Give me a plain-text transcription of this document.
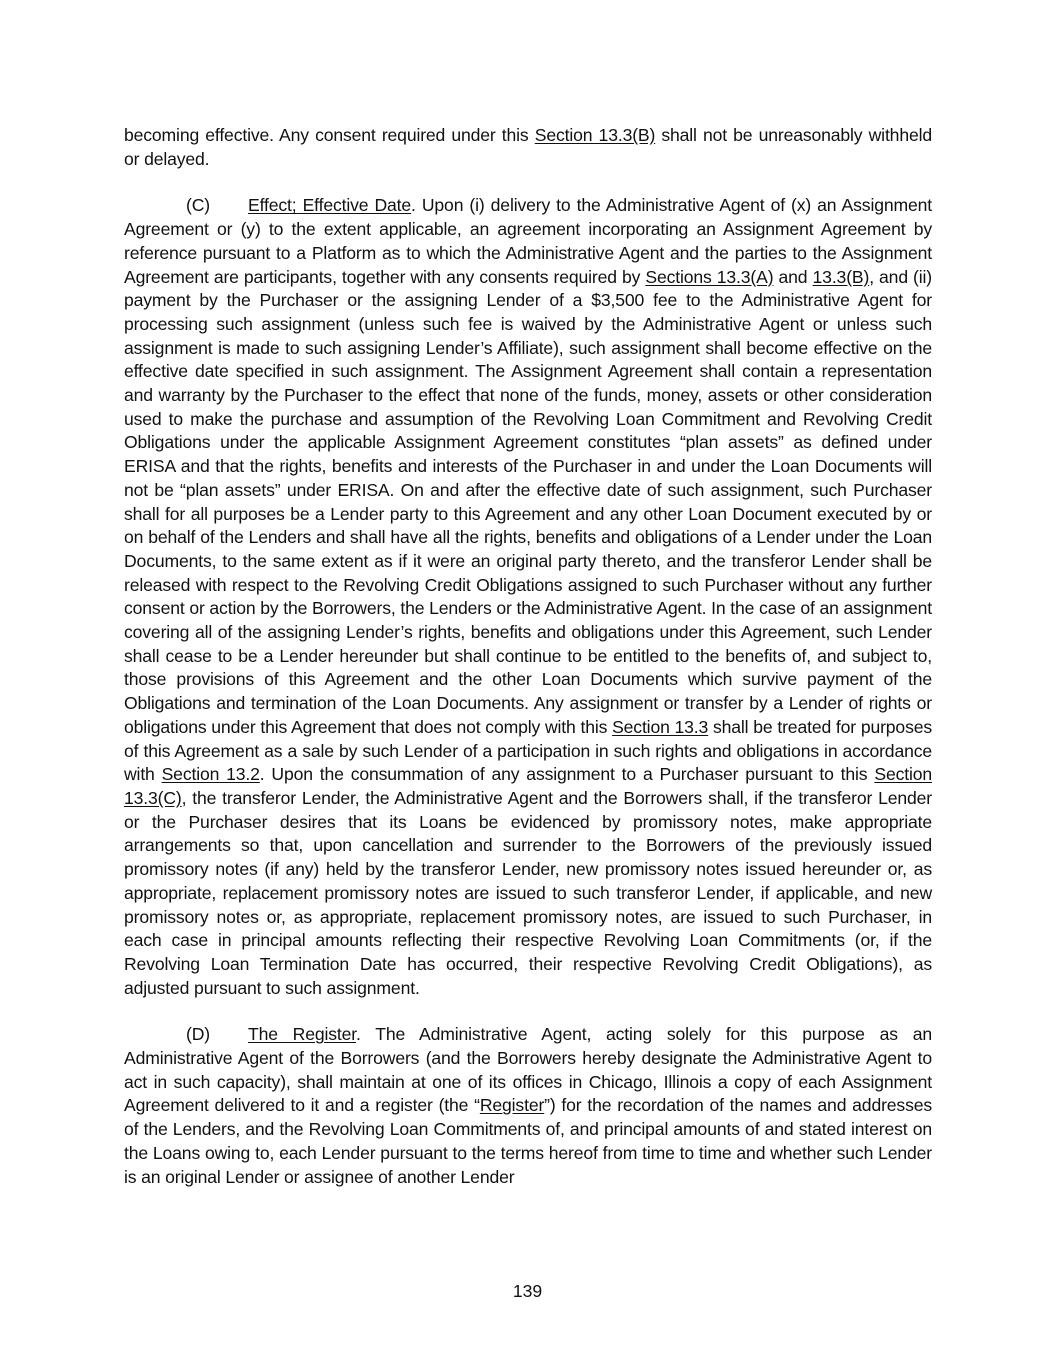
becoming effective. Any consent required under this Section 13.3(B) shall not be unreasonably withheld or delayed.

(C) Effect; Effective Date. Upon (i) delivery to the Administrative Agent of (x) an Assignment Agreement or (y) to the extent applicable, an agreement incorporating an Assignment Agreement by reference pursuant to a Platform as to which the Administrative Agent and the parties to the Assignment Agreement are participants, together with any consents required by Sections 13.3(A) and 13.3(B), and (ii) payment by the Purchaser or the assigning Lender of a $3,500 fee to the Administrative Agent for processing such assignment (unless such fee is waived by the Administrative Agent or unless such assignment is made to such assigning Lender’s Affiliate), such assignment shall become effective on the effective date specified in such assignment. The Assignment Agreement shall contain a representation and warranty by the Purchaser to the effect that none of the funds, money, assets or other consideration used to make the purchase and assumption of the Revolving Loan Commitment and Revolving Credit Obligations under the applicable Assignment Agreement constitutes “plan assets” as defined under ERISA and that the rights, benefits and interests of the Purchaser in and under the Loan Documents will not be “plan assets” under ERISA. On and after the effective date of such assignment, such Purchaser shall for all purposes be a Lender party to this Agreement and any other Loan Document executed by or on behalf of the Lenders and shall have all the rights, benefits and obligations of a Lender under the Loan Documents, to the same extent as if it were an original party thereto, and the transferor Lender shall be released with respect to the Revolving Credit Obligations assigned to such Purchaser without any further consent or action by the Borrowers, the Lenders or the Administrative Agent. In the case of an assignment covering all of the assigning Lender’s rights, benefits and obligations under this Agreement, such Lender shall cease to be a Lender hereunder but shall continue to be entitled to the benefits of, and subject to, those provisions of this Agreement and the other Loan Documents which survive payment of the Obligations and termination of the Loan Documents. Any assignment or transfer by a Lender of rights or obligations under this Agreement that does not comply with this Section 13.3 shall be treated for purposes of this Agreement as a sale by such Lender of a participation in such rights and obligations in accordance with Section 13.2. Upon the consummation of any assignment to a Purchaser pursuant to this Section 13.3(C), the transferor Lender, the Administrative Agent and the Borrowers shall, if the transferor Lender or the Purchaser desires that its Loans be evidenced by promissory notes, make appropriate arrangements so that, upon cancellation and surrender to the Borrowers of the previously issued promissory notes (if any) held by the transferor Lender, new promissory notes issued hereunder or, as appropriate, replacement promissory notes are issued to such transferor Lender, if applicable, and new promissory notes or, as appropriate, replacement promissory notes, are issued to such Purchaser, in each case in principal amounts reflecting their respective Revolving Loan Commitments (or, if the Revolving Loan Termination Date has occurred, their respective Revolving Credit Obligations), as adjusted pursuant to such assignment.

(D) The Register. The Administrative Agent, acting solely for this purpose as an Administrative Agent of the Borrowers (and the Borrowers hereby designate the Administrative Agent to act in such capacity), shall maintain at one of its offices in Chicago, Illinois a copy of each Assignment Agreement delivered to it and a register (the “Register”) for the recordation of the names and addresses of the Lenders, and the Revolving Loan Commitments of, and principal amounts of and stated interest on the Loans owing to, each Lender pursuant to the terms hereof from time to time and whether such Lender is an original Lender or assignee of another Lender

139
